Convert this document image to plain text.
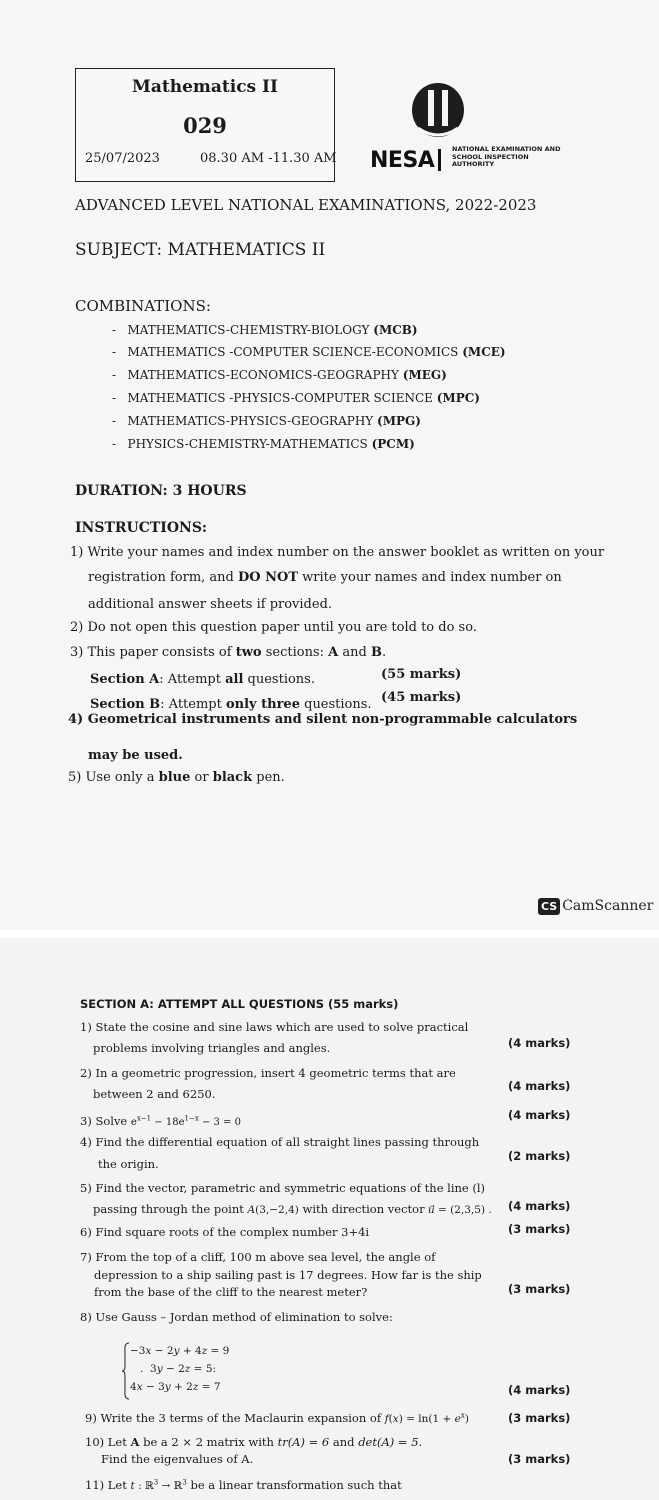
Mathematics II
029
25/07/2023	08.30 AM -11.30 AM NESA	NATIONAL EXAMINATION AND
SCHOOL INSPECTION
AUTHORITY
ADVANCED LEVEL NATIONAL EXAMINATIONS, 2022-2023
SUBJECT: MATHEMATICS II
COMBINATIONS:
-   MATHEMATICS-CHEMISTRY-BIOLOGY (MCB)
-   MATHEMATICS -COMPUTER SCIENCE-ECONOMICS (MCE)
-   MATHEMATICS-ECONOMICS-GEOGRAPHY (MEG)
-   MATHEMATICS -PHYSICS-COMPUTER SCIENCE (MPC)
-   MATHEMATICS-PHYSICS-GEOGRAPHY (MPG)
-   PHYSICS-CHEMISTRY-MATHEMATICS (PCM)
DURATION: 3 HOURS
INSTRUCTIONS:
1) Write your names and index number on the answer booklet as written on your
registration form, and DO NOT write your names and index number on
additional answer sheets if provided.
2) Do not open this question paper until you are told to do so.
3) This paper consists of two sections: A and B.
Section A: Attempt all questions.	(55 marks)
Section B: Attempt only three questions. (45 marks)
4) Geometrical instruments and silent non-programmable calculators
may be used.
5) Use only a blue or black pen.
CS CamScanner
SECTION A: ATTEMPT ALL QUESTIONS (55 marks)
1) State the cosine and sine laws which are used to solve practical
problems involving triangles and angles.	(4 marks)
2) In a geometric progression, insert 4 geometric terms that are
between 2 and 6250.
(4 marks)
3) Solve $e^{x-1} - 18e^{1-x} - 3 = 0$
(4 marks)
4) Find the differential equation of all straight lines passing through
the origin.
(2 marks)
5) Find the vector, parametric and symmetric equations of the line (l)
passing through the point A(3,−2,4) with direction vector u⃗ = (2,3,5) . (4 marks)
6) Find square roots of the complex number 3+4i	(3 marks)
7) From the top of a cliff, 100 m above sea level, the angle of
depression to a ship sailing past is 17 degrees. How far is the ship
from the base of the cliff to the nearest meter?	(3 marks)
8) Use Gauss – Jordan method of elimination to solve:
−3x − 2y + 4z = 9
.  3y − 2z = 5:
4x − 3y + 2z = 7	(4 marks)
9) Write the 3 terms of the Maclaurin expansion of $f(x) = \ln(1 + e^x)$	(3 marks)
10) Let A be a 2 × 2 matrix with tr(A) = 6 and det(A) = 5.
Find the eigenvalues of A.	(3 marks)
11) Let t : ℝ$^3$ → ℝ$^3$ be a linear transformation such that
